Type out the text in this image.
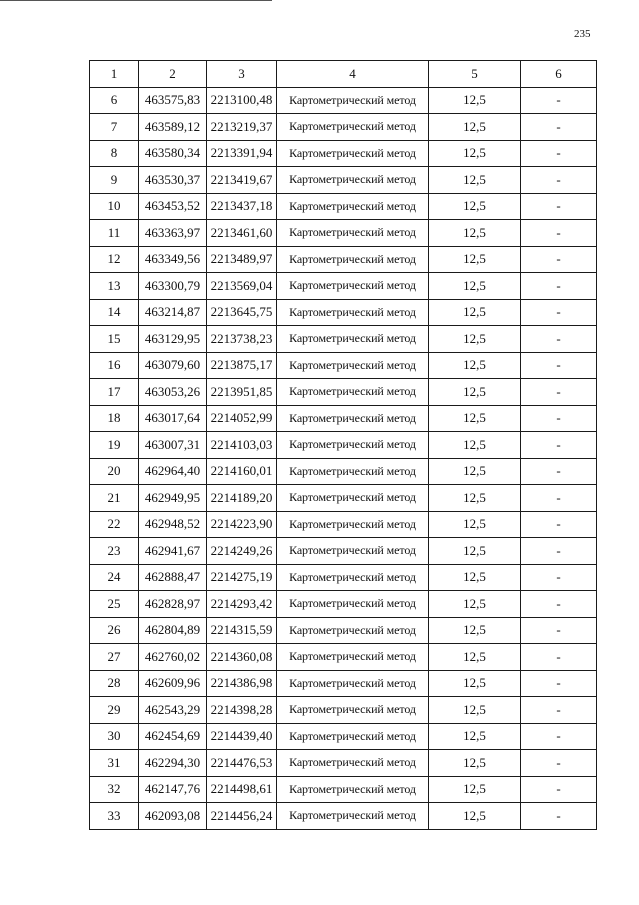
235
1	2	3	4	5	6
6	463575,83	2213100,48	Картометрический метод	12,5	-
7	463589,12	2213219,37	Картометрический метод	12,5	-
8	463580,34	2213391,94	Картометрический метод	12,5	-
9	463530,37	2213419,67	Картометрический метод	12,5	-
10	463453,52	2213437,18	Картометрический метод	12,5	-
11	463363,97	2213461,60	Картометрический метод	12,5	-
12	463349,56	2213489,97	Картометрический метод	12,5	-
13	463300,79	2213569,04	Картометрический метод	12,5	-
14	463214,87	2213645,75	Картометрический метод	12,5	-
15	463129,95	2213738,23	Картометрический метод	12,5	-
16	463079,60	2213875,17	Картометрический метод	12,5	-
17	463053,26	2213951,85	Картометрический метод	12,5	-
18	463017,64	2214052,99	Картометрический метод	12,5	-
19	463007,31	2214103,03	Картометрический метод	12,5	-
20	462964,40	2214160,01	Картометрический метод	12,5	-
21	462949,95	2214189,20	Картометрический метод	12,5	-
22	462948,52	2214223,90	Картометрический метод	12,5	-
23	462941,67	2214249,26	Картометрический метод	12,5	-
24	462888,47	2214275,19	Картометрический метод	12,5	-
25	462828,97	2214293,42	Картометрический метод	12,5	-
26	462804,89	2214315,59	Картометрический метод	12,5	-
27	462760,02	2214360,08	Картометрический метод	12,5	-
28	462609,96	2214386,98	Картометрический метод	12,5	-
29	462543,29	2214398,28	Картометрический метод	12,5	-
30	462454,69	2214439,40	Картометрический метод	12,5	-
31	462294,30	2214476,53	Картометрический метод	12,5	-
32	462147,76	2214498,61	Картометрический метод	12,5	-
33	462093,08	2214456,24	Картометрический метод	12,5	-
